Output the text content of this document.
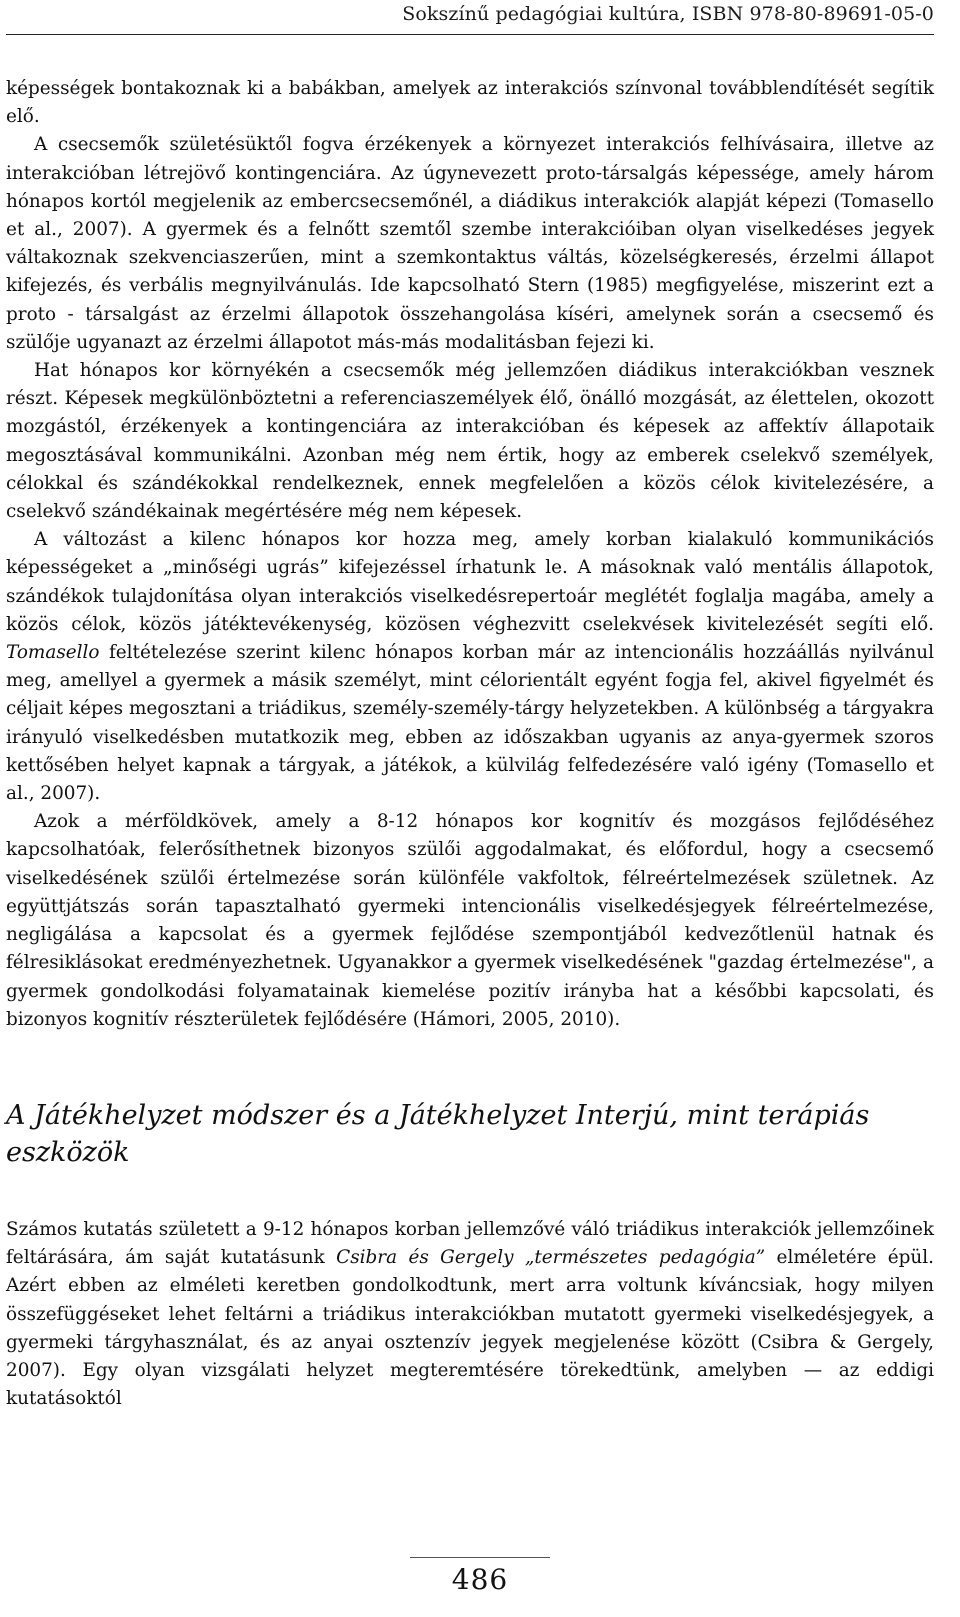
Sokszínű pedagógiai kultúra, ISBN 978-80-89691-05-0

képességek bontakoznak ki a babákban, amelyek az interakciós színvonal továbblendítését segítik elő.

A csecsemők születésüktől fogva érzékenyek a környezet interakciós felhívásaira, illetve az interakcióban létrejövő kontingenciára. Az úgynevezett proto-társalgás képessége, amely három hónapos kortól megjelenik az embercsecsemőnél, a diádikus interakciók alapját képezi (Tomasello et al., 2007). A gyermek és a felnőtt szemtől szembe interakcióiban olyan viselkedéses jegyek váltakoznak szekvenciaszerűen, mint a szemkontaktus váltás, közelségkeresés, érzelmi állapot kifejezés, és verbális megnyilvánulás. Ide kapcsolható Stern (1985) megfigyelése, miszerint ezt a proto - társalgást az érzelmi állapotok összehangolása kíséri, amelynek során a csecsemő és szülője ugyanazt az érzelmi állapotot más-más modalitásban fejezi ki.

Hat hónapos kor környékén a csecsemők még jellemzően diádikus interakciókban vesznek részt. Képesek megkülönböztetni a referenciaszemélyek élő, önálló mozgását, az élettelen, okozott mozgástól, érzékenyek a kontingenciára az interakcióban és képesek az affektív állapotaik megosztásával kommunikálni. Azonban még nem értik, hogy az emberek cselekvő személyek, célokkal és szándékokkal rendelkeznek, ennek megfelelően a közös célok kivitelezésére, a cselekvő szándékainak megértésére még nem képesek.

A változást a kilenc hónapos kor hozza meg, amely korban kialakuló kommunikációs képességeket a „minőségi ugrás” kifejezéssel írhatunk le. A másoknak való mentális állapotok, szándékok tulajdonítása olyan interakciós viselkedésrepertoár meglétét foglalja magába, amely a közös célok, közös játéktevékenység, közösen véghezvitt cselekvések kivitelezését segíti elő. Tomasello feltételezése szerint kilenc hónapos korban már az intencionális hozzáállás nyilvánul meg, amellyel a gyermek a másik személyt, mint célorientált egyént fogja fel, akivel figyelmét és céljait képes megosztani a triádikus, személy-személy-tárgy helyzetekben. A különbség a tárgyakra irányuló viselkedésben mutatkozik meg, ebben az időszakban ugyanis az anya-gyermek szoros kettősében helyet kapnak a tárgyak, a játékok, a külvilág felfedezésére való igény (Tomasello et al., 2007).

Azok a mérföldkövek, amely a 8-12 hónapos kor kognitív és mozgásos fejlődéséhez kapcsolhatóak, felerősíthetnek bizonyos szülői aggodalmakat, és előfordul, hogy a csecsemő viselkedésének szülői értelmezése során különféle vakfoltok, félreértelmezések születnek. Az együttjátszás során tapasztalható gyermeki intencionális viselkedésjegyek félreértelmezése, negligálása a kapcsolat és a gyermek fejlődése szempontjából kedvezőtlenül hatnak és félresiklásokat eredményezhetnek. Ugyanakkor a gyermek viselkedésének "gazdag értelmezése", a gyermek gondolkodási folyamatainak kiemelése pozitív irányba hat a későbbi kapcsolati, és bizonyos kognitív részterületek fejlődésére (Hámori, 2005, 2010).

A Játékhelyzet módszer és a Játékhelyzet Interjú, mint terápiás eszközök

Számos kutatás született a 9-12 hónapos korban jellemzővé váló triádikus interakciók jellemzőinek feltárására, ám saját kutatásunk Csibra és Gergely „természetes pedagógia” elméletére épül. Azért ebben az elméleti keretben gondolkodtunk, mert arra voltunk kíváncsiak, hogy milyen összefüggéseket lehet feltárni a triádikus interakciókban mutatott gyermeki viselkedésjegyek, a gyermeki tárgyhasználat, és az anyai osztenzív jegyek megjelenése között (Csibra & Gergely, 2007). Egy olyan vizsgálati helyzet megteremtésére törekedtünk, amelyben — az eddigi kutatásoktól

486
